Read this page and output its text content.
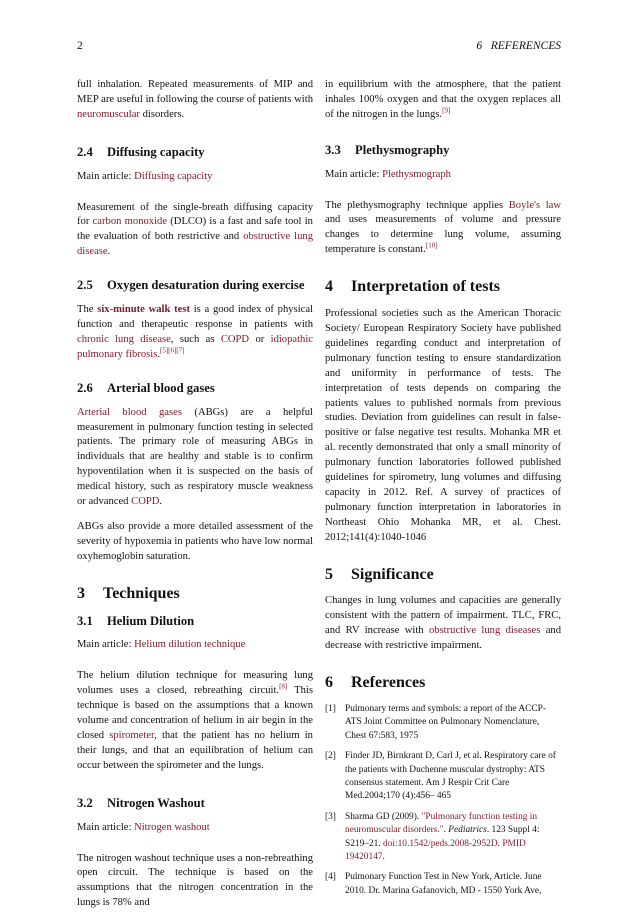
2	6   REFERENCES

full inhalation. Repeated measurements of MIP and MEP are useful in following the course of patients with neuromuscular disorders.

2.4 Diffusing capacity

Main article: Diffusing capacity

Measurement of the single-breath diffusing capacity for carbon monoxide (DLCO) is a fast and safe tool in the evaluation of both restrictive and obstructive lung disease.

2.5 Oxygen desaturation during exercise

The six-minute walk test is a good index of physical function and therapeutic response in patients with chronic lung disease, such as COPD or idiopathic pulmonary fibrosis.[5][6][7]

2.6 Arterial blood gases

Arterial blood gases (ABGs) are a helpful measurement in pulmonary function testing in selected patients. The primary role of measuring ABGs in individuals that are healthy and stable is to confirm hypoventilation when it is suspected on the basis of medical history, such as respiratory muscle weakness or advanced COPD.

ABGs also provide a more detailed assessment of the severity of hypoxemia in patients who have low normal oxyhemoglobin saturation.

3 Techniques
3.1 Helium Dilution

Main article: Helium dilution technique

The helium dilution technique for measuring lung volumes uses a closed, rebreathing circuit.[8] This technique is based on the assumptions that a known volume and concentration of helium in air begin in the closed spirometer, that the patient has no helium in their lungs, and that an equilibration of helium can occur between the spirometer and the lungs.

3.2 Nitrogen Washout

Main article: Nitrogen washout

The nitrogen washout technique uses a non-rebreathing open circuit. The technique is based on the assumptions that the nitrogen concentration in the lungs is 78% and

in equilibrium with the atmosphere, that the patient inhales 100% oxygen and that the oxygen replaces all of the nitrogen in the lungs.[9]

3.3 Plethysmography

Main article: Plethysmograph

The plethysmography technique applies Boyle's law and uses measurements of volume and pressure changes to determine lung volume, assuming temperature is constant.[10]

4 Interpretation of tests

Professional societies such as the American Thoracic Society/ European Respiratory Society have published guidelines regarding conduct and interpretation of pulmonary function testing to ensure standardization and uniformity in performance of tests. The interpretation of tests depends on comparing the patients values to published normals from previous studies. Deviation from guidelines can result in false-positive or false negative test results. Mohanka MR et al. recently demonstrated that only a small minority of pulmonary function laboratories followed published guidelines for spirometry, lung volumes and diffusing capacity in 2012. Ref. A survey of practices of pulmonary function interpretation in laboratories in Northeast Ohio Mohanka MR, et al. Chest. 2012;141(4):1040-1046

5 Significance

Changes in lung volumes and capacities are generally consistent with the pattern of impairment. TLC, FRC, and RV increase with obstructive lung diseases and decrease with restrictive impairment.

6 References
[1] Pulmonary terms and symbols: a report of the ACCP-ATS Joint Committee on Pulmonary Nomenclature, Chest 67:583, 1975
[2] Finder JD, Birnkrant D, Carl J, et al. Respiratory care of the patients with Duchenne muscular dystrophy: ATS consensus statement. Am J Respir Crit Care Med.2004;170 (4):456– 465
[3] Sharma GD (2009). "Pulmonary function testing in neuromuscular disorders.". Pediatrics. 123 Suppl 4: S219–21. doi:10.1542/peds.2008-2952D. PMID 19420147.
[4] Pulmonary Function Test in New York, Article. June 2010. Dr. Marina Gafanovich, MD - 1550 York Ave,
